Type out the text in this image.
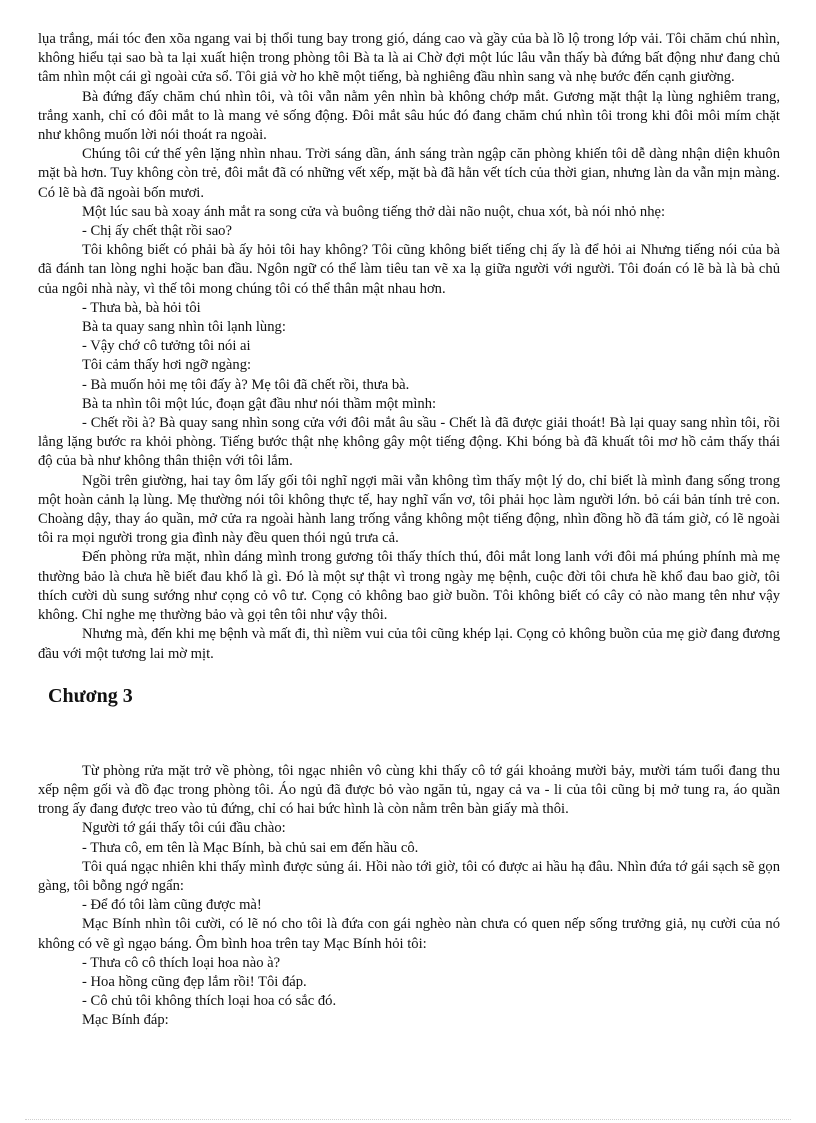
lụa trắng, mái tóc đen xõa ngang vai bị thổi tung bay trong gió, dáng cao và gầy của bà lồ lộ trong lớp vải. Tôi chăm chú nhìn, không hiểu tại sao bà ta lại xuất hiện trong phòng tôi Bà ta là ai Chờ đợi một lúc lâu vẫn thấy bà đứng bất động như đang chủ tâm nhìn một cái gì ngoài cửa sổ. Tôi giả vờ ho khẽ một tiếng, bà nghiêng đầu nhìn sang và nhẹ bước đến cạnh giường.

Bà đứng đấy chăm chú nhìn tôi, và tôi vẫn nằm yên nhìn bà không chớp mắt. Gương mặt thật lạ lùng nghiêm trang, trắng xanh, chỉ có đôi mắt to là mang vẻ sống động. Đôi mắt sâu húc đó đang chăm chú nhìn tôi trong khi đôi môi mím chặt như không muốn lời nói thoát ra ngoài.

Chúng tôi cứ thế yên lặng nhìn nhau. Trời sáng dần, ánh sáng tràn ngập căn phòng khiến tôi dễ dàng nhận diện khuôn mặt bà hơn. Tuy không còn trẻ, đôi mắt đã có những vết xếp, mặt bà đã hằn vết tích của thời gian, nhưng làn da vẫn mịn màng. Có lẽ bà đã ngoài bốn mươi.

Một lúc sau bà xoay ánh mắt ra song cửa và buông tiếng thở dài não nuột, chua xót, bà nói nhỏ nhẹ:

- Chị ấy chết thật rồi sao?

Tôi không biết có phải bà ấy hỏi tôi hay không? Tôi cũng không biết tiếng chị ấy là để hỏi ai Nhưng tiếng nói của bà đã đánh tan lòng nghi hoặc ban đầu. Ngôn ngữ có thể làm tiêu tan vẽ xa lạ giữa người với người. Tôi đoán có lẽ bà là bà chủ của ngôi nhà này, vì thế tôi mong chúng tôi có thể thân mật nhau hơn.

- Thưa bà, bà hỏi tôi

Bà ta quay sang nhìn tôi lạnh lùng:

- Vậy chớ cô tưởng tôi nói ai

Tôi cảm thấy hơi ngỡ ngàng:

- Bà muốn hỏi mẹ tôi đấy à? Mẹ tôi đã chết rồi, thưa bà.

Bà ta nhìn tôi một lúc, đoạn gật đầu như nói thầm một mình:

- Chết rồi à? Bà quay sang nhìn song cửa với đôi mắt âu sầu - Chết là đã được giải thoát! Bà lại quay sang nhìn tôi, rồi lẳng lặng bước ra khỏi phòng. Tiếng bước thật nhẹ không gây một tiếng động. Khi bóng bà đã khuất tôi mơ hồ cảm thấy thái độ của bà như không thân thiện với tôi lắm.

Ngồi trên giường, hai tay ôm lấy gối tôi nghĩ ngợi mãi vẫn không tìm thấy một lý do, chỉ biết là mình đang sống trong một hoàn cảnh lạ lùng. Mẹ thường nói tôi không thực tế, hay nghĩ vẩn vơ, tôi phải học làm người lớn. bỏ cái bản tính trẻ con. Choàng dậy, thay áo quần, mở cửa ra ngoài hành lang trống vắng không một tiếng động, nhìn đồng hồ đã tám giờ, có lẽ ngoài tôi ra mọi người trong gia đình này đều quen thói ngủ trưa cả.

Đến phòng rửa mặt, nhìn dáng mình trong gương tôi thấy thích thú, đôi mắt long lanh với đôi má phúng phính mà mẹ thường bảo là chưa hề biết đau khổ là gì. Đó là một sự thật vì trong ngày mẹ bệnh, cuộc đời tôi chưa hề khổ đau bao giờ, tôi thích cười dù sung sướng như cọng cỏ vô tư. Cọng cỏ không bao giờ buồn. Tôi không biết có cây cỏ nào mang tên như vậy không. Chỉ nghe mẹ thường bảo và gọi tên tôi như vậy thôi.

Nhưng mà, đến khi mẹ bệnh và mất đi, thì niềm vui của tôi cũng khép lại. Cọng cỏ không buồn của mẹ giờ đang đương đầu với một tương lai mờ mịt.

Chương 3

Từ phòng rửa mặt trở về phòng, tôi ngạc nhiên vô cùng khi thấy cô tớ gái khoảng mười bảy, mười tám tuổi đang thu xếp nệm gối và đồ đạc trong phòng tôi. Áo ngủ đã được bỏ vào ngăn tủ, ngay cả va - li của tôi cũng bị mở tung ra, áo quần trong ấy đang được treo vào tủ đứng, chỉ có hai bức hình là còn nằm trên bàn giấy mà thôi.

Người tớ gái thấy tôi cúi đầu chào:

- Thưa cô, em tên là Mạc Bính, bà chủ sai em đến hầu cô.

Tôi quá ngạc nhiên khi thấy mình được sủng ái. Hồi nào tới giờ, tôi có được ai hầu hạ đâu. Nhìn đứa tớ gái sạch sẽ gọn gàng, tôi bỗng ngớ ngẩn:

- Để đó tôi làm cũng được mà!

Mạc Bính nhìn tôi cười, có lẽ nó cho tôi là đứa con gái nghèo nàn chưa có quen nếp sống trưởng giả, nụ cười của nó không có vẽ gì ngạo báng. Ôm bình hoa trên tay Mạc Bính hỏi tôi:

- Thưa cô cô thích loại hoa nào à?

- Hoa hồng cũng đẹp lắm rồi! Tôi đáp.

- Cô chủ tôi không thích loại hoa có sắc đó.

Mạc Bính đáp:
